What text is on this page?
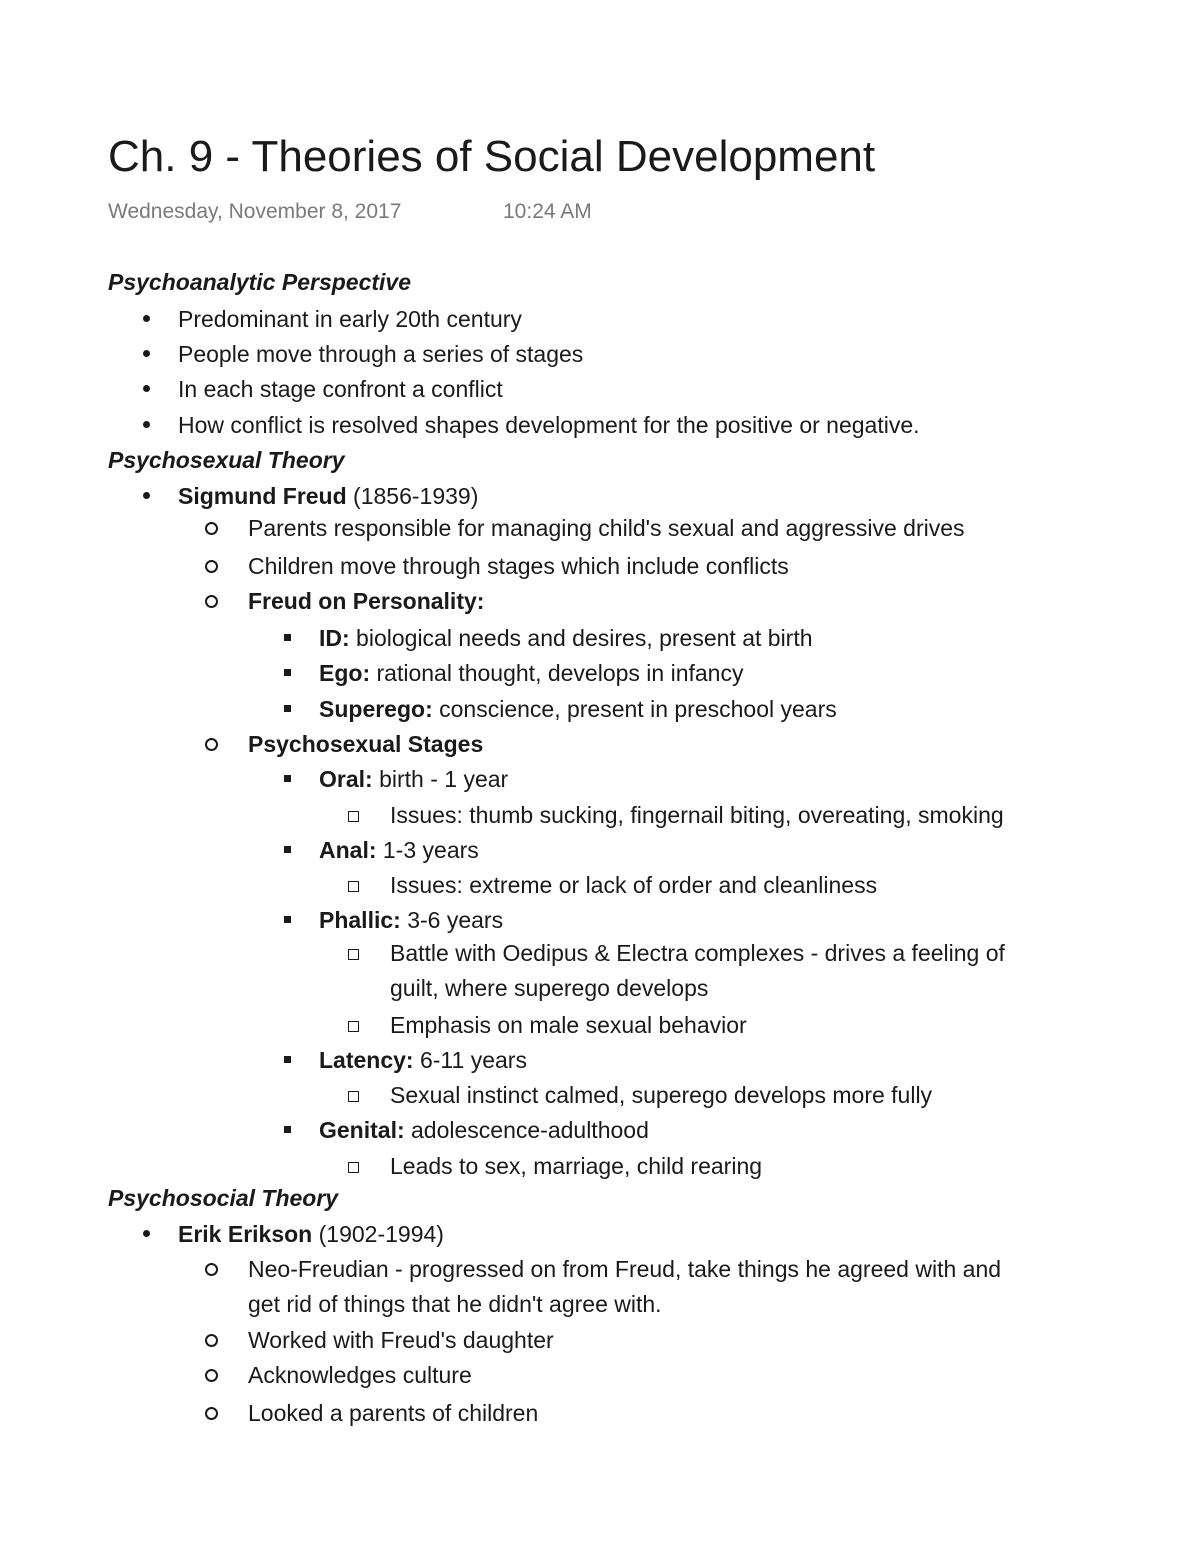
Ch. 9 - Theories of Social Development
Wednesday, November 8, 2017	10:24 AM
Psychoanalytic Perspective
Predominant in early 20th century
People move through a series of stages
In each stage confront a conflict
How conflict is resolved shapes development for the positive or negative.
Psychosexual Theory
Sigmund Freud (1856-1939)
Parents responsible for managing child's sexual and aggressive drives
Children move through stages which include conflicts
Freud on Personality:
ID: biological needs and desires, present at birth
Ego: rational thought, develops in infancy
Superego: conscience, present in preschool years
Psychosexual Stages
Oral: birth - 1 year
Issues: thumb sucking, fingernail biting, overeating, smoking
Anal: 1-3 years
Issues: extreme or lack of order and cleanliness
Phallic: 3-6 years
Battle with Oedipus & Electra complexes - drives a feeling of
guilt, where superego develops
Emphasis on male sexual behavior
Latency: 6-11 years
Sexual instinct calmed, superego develops more fully
Genital: adolescence-adulthood
Leads to sex, marriage, child rearing
Psychosocial Theory
Erik Erikson (1902-1994)
Neo-Freudian - progressed on from Freud, take things he agreed with and
get rid of things that he didn't agree with.
Worked with Freud's daughter
Acknowledges culture
Looked a parents of children
